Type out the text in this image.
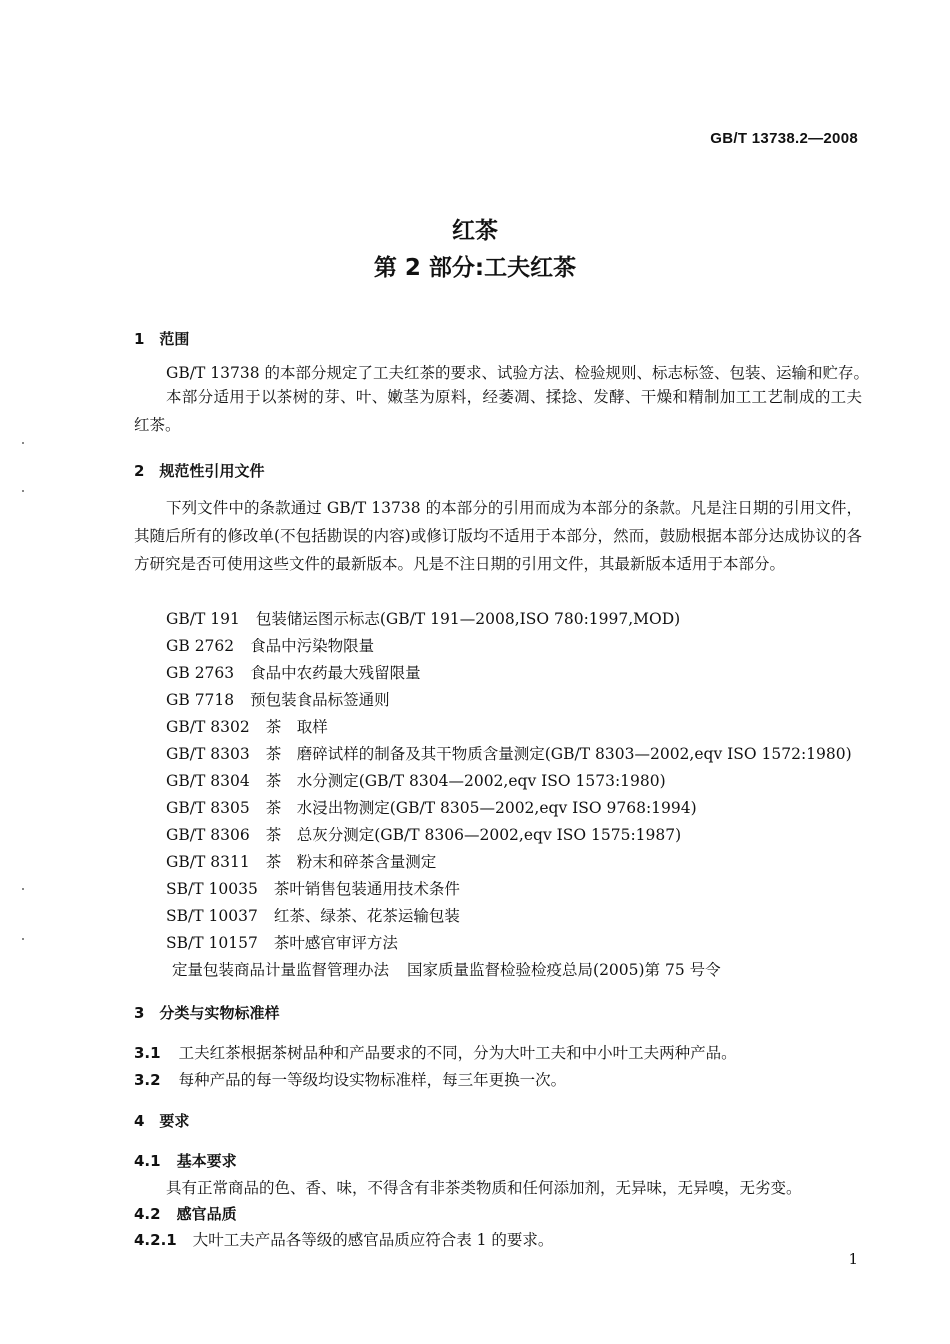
GB/T 13738.2—2008
红茶
第 2 部分:工夫红茶
1　范围
GB/T 13738 的本部分规定了工夫红茶的要求、试验方法、检验规则、标志标签、包装、运输和贮存。
本部分适用于以茶树的芽、叶、嫩茎为原料，经萎凋、揉捻、发酵、干燥和精制加工工艺制成的工夫红茶。
2　规范性引用文件
下列文件中的条款通过 GB/T 13738 的本部分的引用而成为本部分的条款。凡是注日期的引用文件，其随后所有的修改单(不包括勘误的内容)或修订版均不适用于本部分，然而，鼓励根据本部分达成协议的各方研究是否可使用这些文件的最新版本。凡是不注日期的引用文件，其最新版本适用于本部分。
GB/T 191 包装储运图示标志(GB/T 191—2008,ISO 780:1997,MOD)
GB 2762 食品中污染物限量
GB 2763 食品中农药最大残留限量
GB 7718 预包装食品标签通则
GB/T 8302 茶　取样
GB/T 8303 茶　磨碎试样的制备及其干物质含量测定(GB/T 8303—2002,eqv ISO 1572:1980)
GB/T 8304 茶　水分测定(GB/T 8304—2002,eqv ISO 1573:1980)
GB/T 8305 茶　水浸出物测定(GB/T 8305—2002,eqv ISO 9768:1994)
GB/T 8306 茶　总灰分测定(GB/T 8306—2002,eqv ISO 1575:1987)
GB/T 8311 茶　粉末和碎茶含量测定
SB/T 10035 茶叶销售包装通用技术条件
SB/T 10037 红茶、绿茶、花茶运输包装
SB/T 10157 茶叶感官审评方法
定量包装商品计量监督管理办法 国家质量监督检验检疫总局(2005)第 75 号令
3　分类与实物标准样
3.1 工夫红茶根据茶树品种和产品要求的不同，分为大叶工夫和中小叶工夫两种产品。
3.2 每种产品的每一等级均设实物标准样，每三年更换一次。
4　要求
4.1 基本要求
具有正常商品的色、香、味，不得含有非茶类物质和任何添加剂，无异味，无异嗅，无劣变。
4.2 感官品质
4.2.1 大叶工夫产品各等级的感官品质应符合表 1 的要求。
1
